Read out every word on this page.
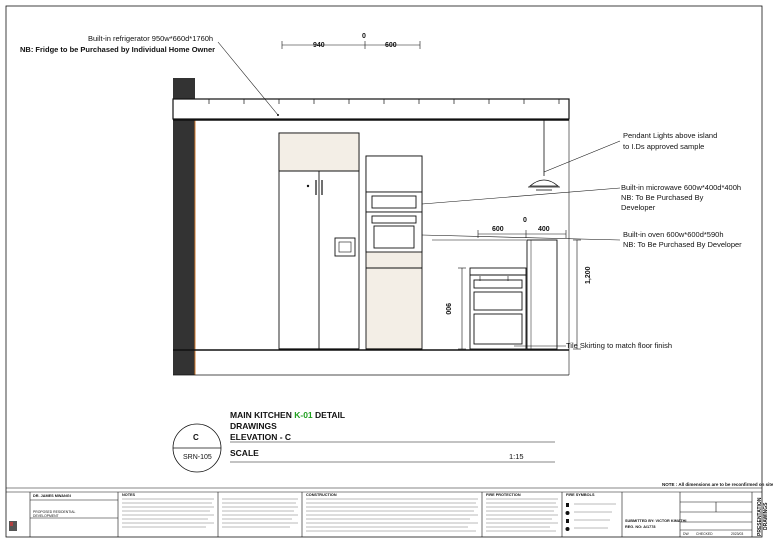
Built-in refrigerator 950w*660d*1760h
NB: Fridge to be Purchased by Individual Home Owner
Pendant Lights above island
to I.Ds approved sample
Built-in microwave 600w*400d*400h
NB: To Be Purchased By
Developer
Built-in oven 600w*600d*590h
NB: To Be Purchased By Developer
Tile Skirting to match floor finish
940
0
600
600
0
400
900
1,200
MAIN KITCHEN K-01 DETAIL
DRAWINGS
ELEVATION - C
SCALE	1:15
C
SRN-105
NOTE : All dimensions are to be reconfirmed on site
DR. JAMES MWANGI
PROPOSED RESIDENTIAL
DEVELOPMENT
NOTES	CONSTRUCTION	FIRE PROTECTION	FIRE SYMBOLS
SUBMITTED BY: VICTOR KIMATHI
REG. NO: A/1778
DW CHECKED	2023/03	PRESENTATION DRAWINGS
